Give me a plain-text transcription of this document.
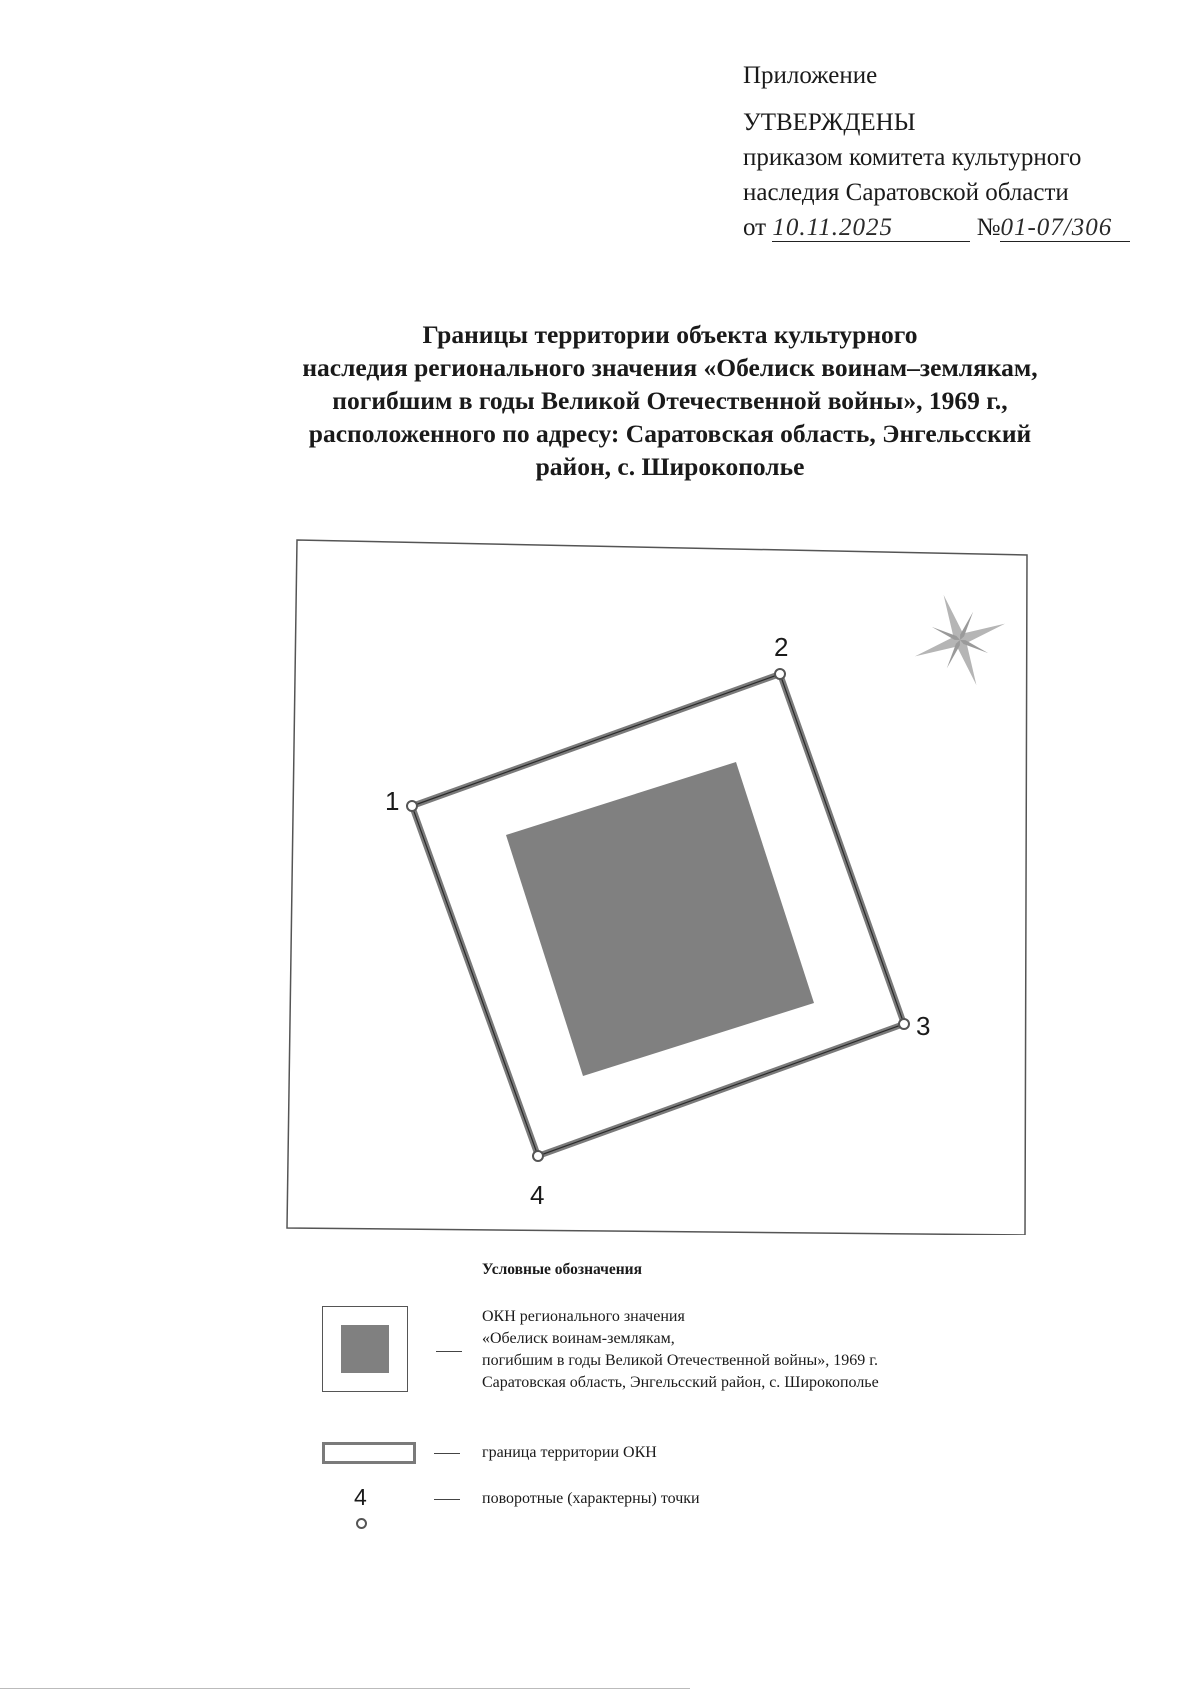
Приложение
УТВЕРЖДЕНЫ
приказом комитета культурного
наследия Саратовской области
от 10.11.2025	№01-07/306
Границы территории объекта культурного
наследия регионального значения «Обелиск воинам–землякам,
погибшим в годы Великой Отечественной войны», 1969 г.,
расположенного по адресу: Саратовская область, Энгельсский
район, с. Широкополье
1
2
3
4
Условные обозначения
ОКН регионального значения
«Обелиск воинам-землякам,
погибшим в годы Великой Отечественной войны», 1969 г.
Саратовская область, Энгельсский район, с. Широкополье
граница территории ОКН
4	поворотные (характерны) точки
